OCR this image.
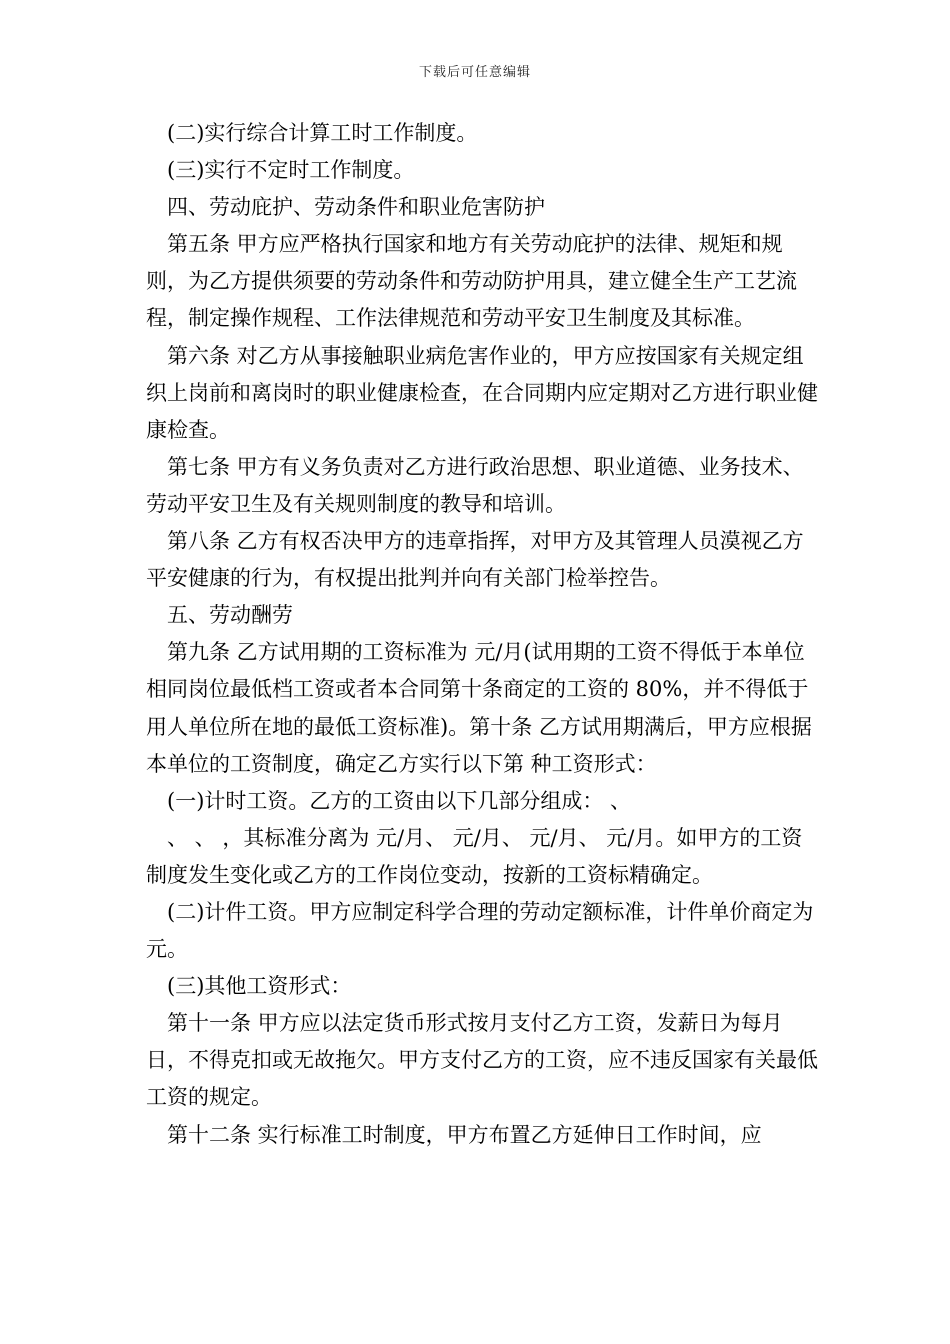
下载后可任意编辑

(二)实行综合计算工时工作制度。

(三)实行不定时工作制度。

四、劳动庇护、劳动条件和职业危害防护

第五条 甲方应严格执行国家和地方有关劳动庇护的法律、规矩和规则，为乙方提供须要的劳动条件和劳动防护用具，建立健全生产工艺流程，制定操作规程、工作法律规范和劳动平安卫生制度及其标准。

第六条 对乙方从事接触职业病危害作业的，甲方应按国家有关规定组织上岗前和离岗时的职业健康检查，在合同期内应定期对乙方进行职业健康检查。

第七条 甲方有义务负责对乙方进行政治思想、职业道德、业务技术、劳动平安卫生及有关规则制度的教导和培训。

第八条 乙方有权否决甲方的违章指挥，对甲方及其管理人员漠视乙方平安健康的行为，有权提出批判并向有关部门检举控告。

五、劳动酬劳

第九条 乙方试用期的工资标准为 元/月(试用期的工资不得低于本单位相同岗位最低档工资或者本合同第十条商定的工资的 80%，并不得低于用人单位所在地的最低工资标准)。第十条 乙方试用期满后，甲方应根据本单位的工资制度，确定乙方实行以下第 种工资形式：

(一)计时工资。乙方的工资由以下几部分组成： 、

、 、 ，其标准分离为 元/月、 元/月、 元/月、 元/月。如甲方的工资制度发生变化或乙方的工作岗位变动，按新的工资标精确定。

(二)计件工资。甲方应制定科学合理的劳动定额标准，计件单价商定为 元。

(三)其他工资形式：

第十一条 甲方应以法定货币形式按月支付乙方工资，发薪日为每月 日，不得克扣或无故拖欠。甲方支付乙方的工资，应不违反国家有关最低工资的规定。

第十二条 实行标准工时制度，甲方布置乙方延伸日工作时间，应
